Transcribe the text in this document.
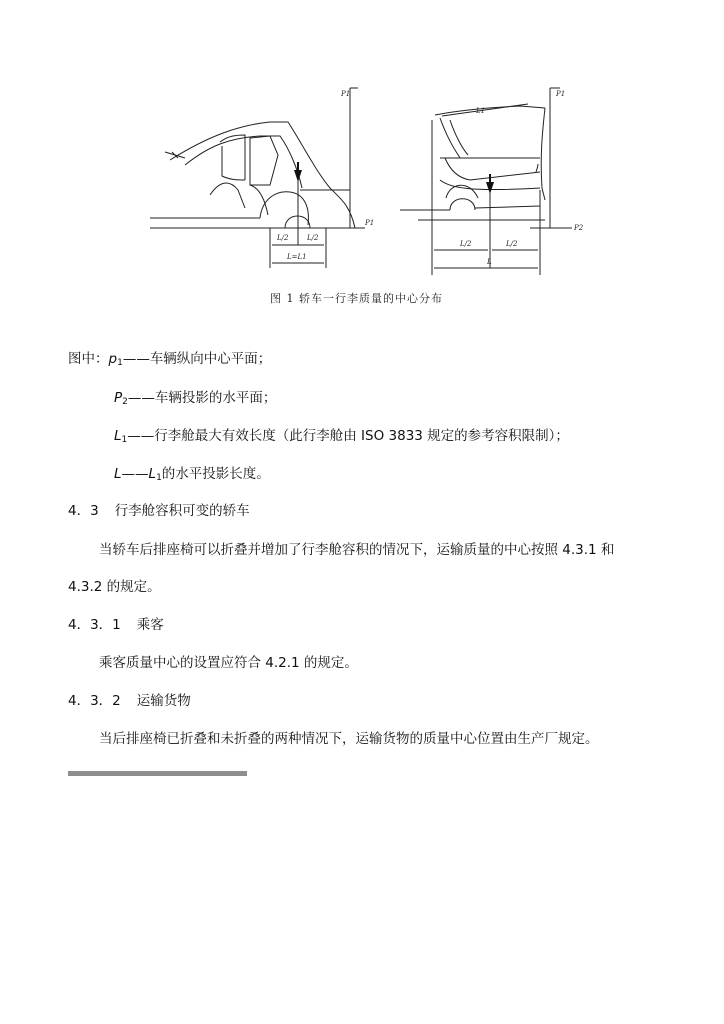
P1
P1
L/2	L/2
L=L1
P1
P2
L1
L/2	L/2
L
图 1 轿车一行李质量的中心分布
图中：$p_1——$车辆纵向中心平面；
$P_2——$车辆投影的水平面；
$L_1——$行李舱最大有效长度（此行李舱由 ISO 3833 规定的参考容积限制）；
$L——L_1$的水平投影长度。
4．3 行李舱容积可变的轿车
当轿车后排座椅可以折叠并增加了行李舱容积的情况下，运输质量的中心按照 4.3.1 和
4.3.2 的规定。
4．3．1 乘客
乘客质量中心的设置应符合 4.2.1 的规定。
4．3．2 运输货物
当后排座椅已折叠和未折叠的两种情况下，运输货物的质量中心位置由生产厂规定。
